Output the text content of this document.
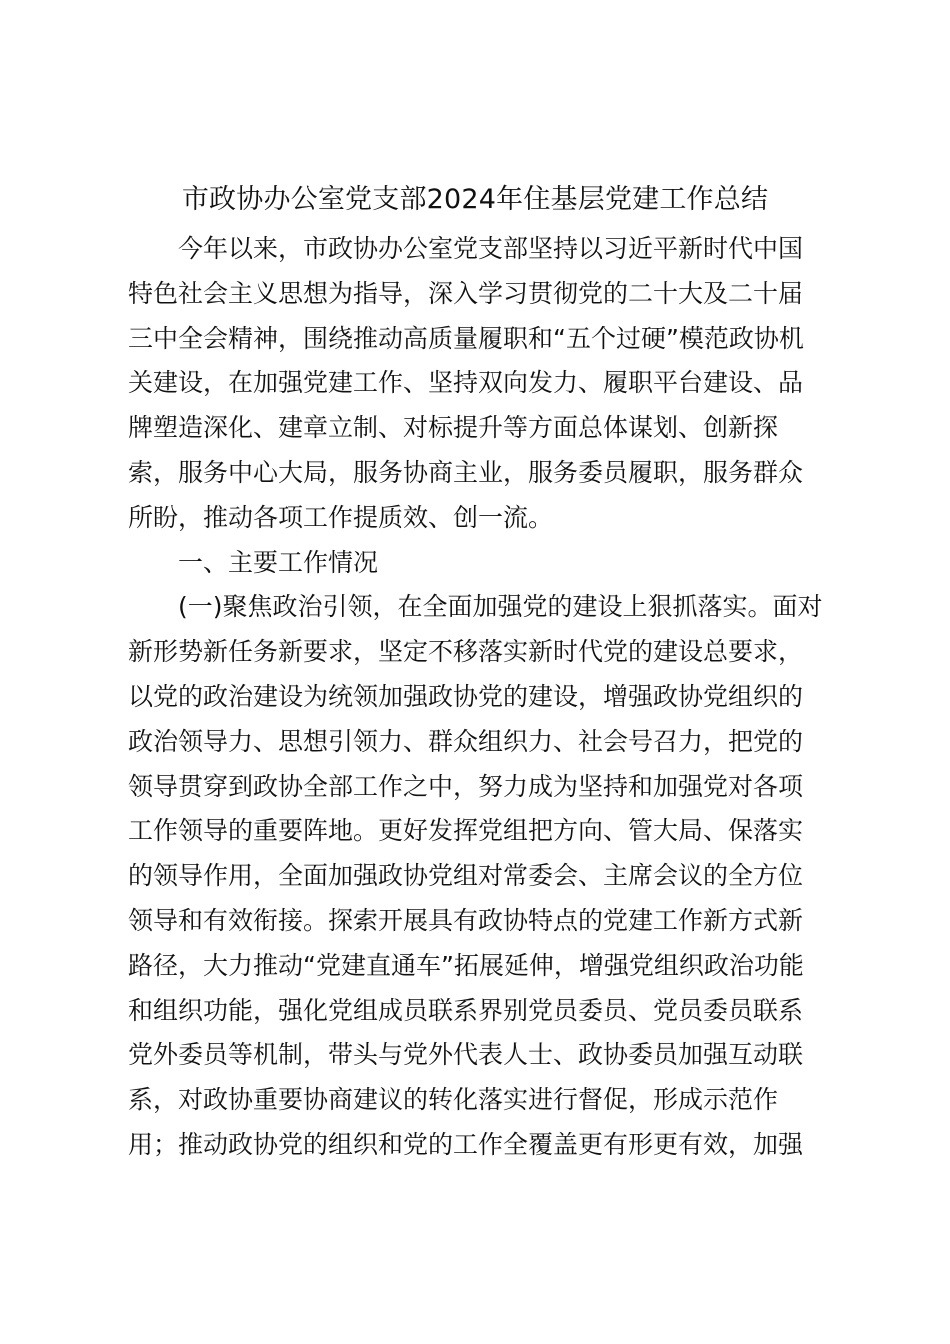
市政协办公室党支部2024年住基层党建工作总结

今年以来，市政协办公室党支部坚持以习近平新时代中国
特色社会主义思想为指导，深入学习贯彻党的二十大及二十届
三中全会精神，围绕推动高质量履职和“五个过硬”模范政协机
关建设，在加强党建工作、坚持双向发力、履职平台建设、品
牌塑造深化、建章立制、对标提升等方面总体谋划、创新探
索，服务中心大局，服务协商主业，服务委员履职，服务群众
所盼，推动各项工作提质效、创一流。

一、主要工作情况

(一)聚焦政治引领，在全面加强党的建设上狠抓落实。面对
新形势新任务新要求，坚定不移落实新时代党的建设总要求，
以党的政治建设为统领加强政协党的建设，增强政协党组织的
政治领导力、思想引领力、群众组织力、社会号召力，把党的
领导贯穿到政协全部工作之中，努力成为坚持和加强党对各项
工作领导的重要阵地。更好发挥党组把方向、管大局、保落实
的领导作用，全面加强政协党组对常委会、主席会议的全方位
领导和有效衔接。探索开展具有政协特点的党建工作新方式新
路径，大力推动“党建直通车”拓展延伸，增强党组织政治功能
和组织功能，强化党组成员联系界别党员委员、党员委员联系
党外委员等机制，带头与党外代表人士、政协委员加强互动联
系，对政协重要协商建议的转化落实进行督促，形成示范作
用；推动政协党的组织和党的工作全覆盖更有形更有效，加强
